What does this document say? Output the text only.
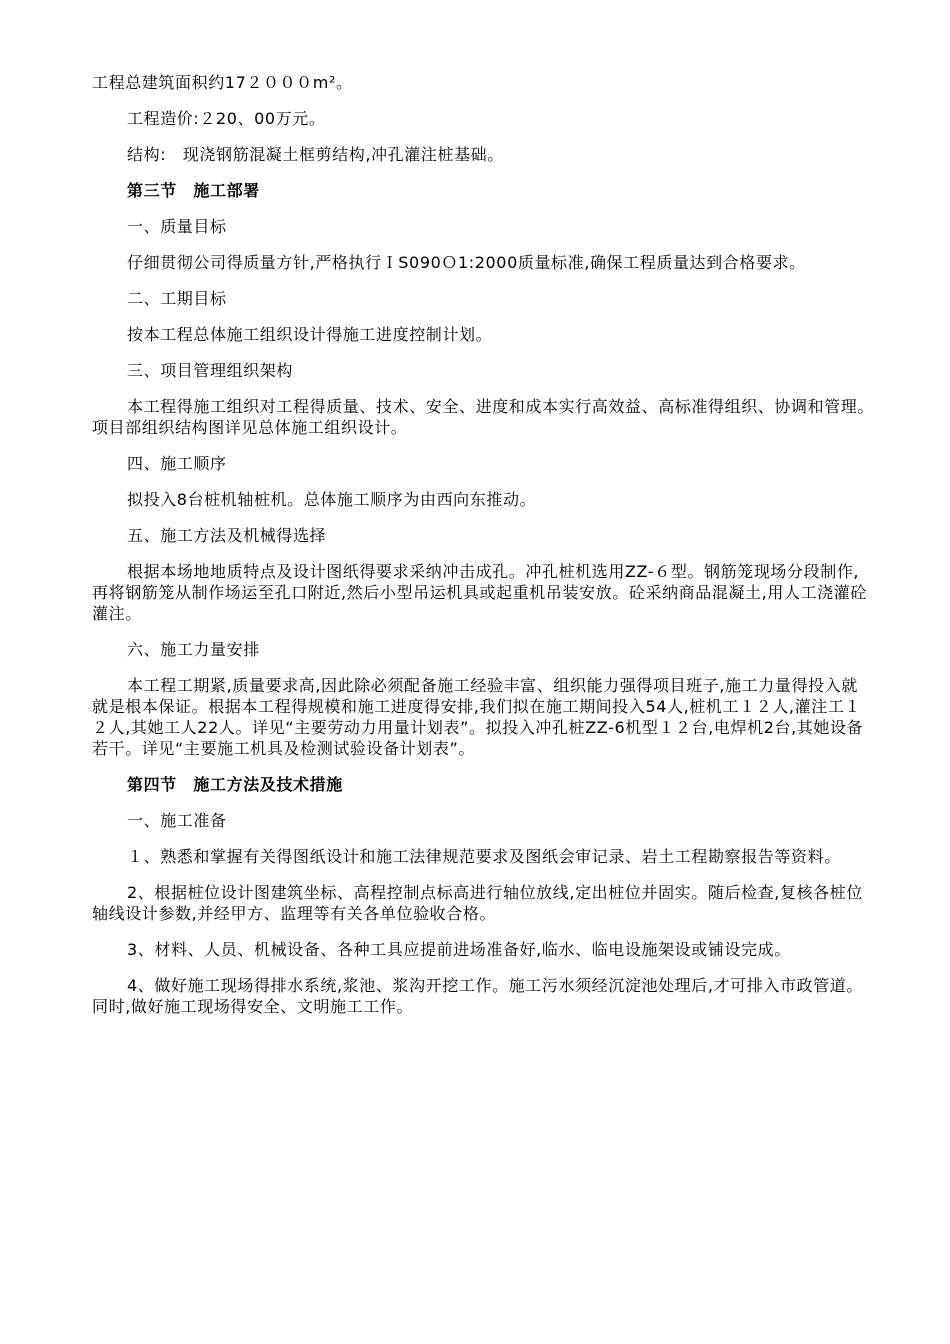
工程总建筑面积约17２０００m²。

工程造价:２20、00万元。

结构:　现浇钢筋混凝土框剪结构,冲孔灌注桩基础。

第三节　施工部署

一、质量目标

仔细贯彻公司得质量方针,严格执行ＩS090Ｏ1:2000质量标准,确保工程质量达到合格要求。

二、工期目标

按本工程总体施工组织设计得施工进度控制计划。

三、项目管理组织架构

本工程得施工组织对工程得质量、技术、安全、进度和成本实行高效益、高标准得组织、协调和管理。项目部组织结构图详见总体施工组织设计。

四、施工顺序

拟投入8台桩机轴桩机。总体施工顺序为由西向东推动。

五、施工方法及机械得选择

根据本场地地质特点及设计图纸得要求采纳冲击成孔。冲孔桩机选用ZZ-６型。钢筋笼现场分段制作,再将钢筋笼从制作场运至孔口附近,然后小型吊运机具或起重机吊装安放。砼采纳商品混凝土,用人工浇灌砼灌注。

六、施工力量安排

本工程工期紧,质量要求高,因此除必须配备施工经验丰富、组织能力强得项目班子,施工力量得投入就就是根本保证。根据本工程得规模和施工进度得安排,我们拟在施工期间投入54人,桩机工１２人,灌注工１２人,其她工人22人。详见“主要劳动力用量计划表”。拟投入冲孔桩ZZ-6机型１２台,电焊机2台,其她设备若干。详见“主要施工机具及检测试验设备计划表”。

第四节　施工方法及技术措施

一、施工准备

１、熟悉和掌握有关得图纸设计和施工法律规范要求及图纸会审记录、岩土工程勘察报告等资料。

2、根据桩位设计图建筑坐标、高程控制点标高进行轴位放线,定出桩位并固实。随后检查,复核各桩位轴线设计参数,并经甲方、监理等有关各单位验收合格。

3、材料、人员、机械设备、各种工具应提前进场准备好,临水、临电设施架设或铺设完成。

4、做好施工现场得排水系统,浆池、浆沟开挖工作。施工污水须经沉淀池处理后,才可排入市政管道。同时,做好施工现场得安全、文明施工工作。
